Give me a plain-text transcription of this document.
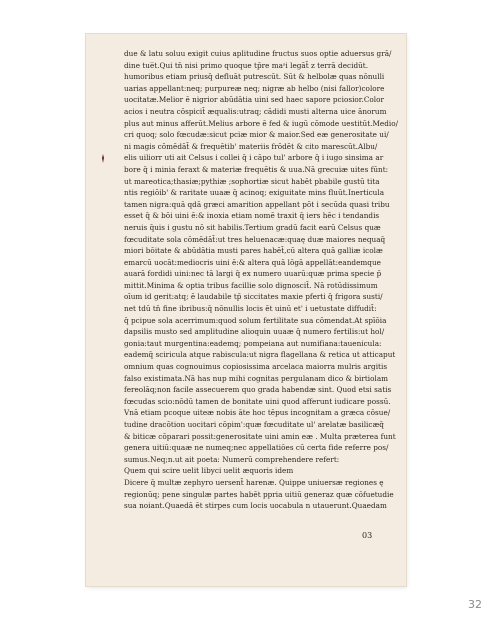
due & latu soluu exigit cuius aplitudine fructus suos optie aduersus grā/
dine tue̅t.Qui tn̄ nisi primo quoque tp̄re maˢi legāt̄ z terrā decidūt.
humoribus etiam priusq̄ defluāt putrescūt. Sūt & helbolæ quas nōnulli
uarias appellant:neq; purpureæ neq; nigræ ab helbo (nisi fallor)colore
uocitatæ.Melior ē nigrior abūdātia uini sed haec sapore pciosior.Color
acios i neutra cōspicit̄ æqualis:utraq; cādidi musti alterna uice ānorum
plus aut minus afferūt.Melius arbore ē fed & iugū cōmode uestitūt.Medio/
cri quoq; solo fœcudæ:sicut pciæ mior & maior.Sed eæ generositate ui/
ni magis cōmēdāt̄ & frequētib' materiis frōdēt & cito marescūt.Albu/
elis uiliorr uti ait Celsus i collei q̄ i cāpo tul' arbore q̄ i iugo sinsima ar
bore q̄ i minia feraxt & materiæ frequētis & uua.Nā grecuiæ uites fūnt:
ut mareotica;thasiæ;pythiæ ;sophortiæ sicut habēt pbabile gustū tita
ntis regiōib' & raritate uuaæ q̄ acinoq; exiguitate mins fluūt.Inerticula
tamen nigra:quā qdā græci amarition appellant pōt i secūda quasi tribu
esset q̄ & bōi uini ē:& inoxia etiam nomē traxit q̄ iers hēc i tendandis
neruis q̄uis i gustu nō sit habilis.Tertium gradū facit earū Celsus quæ
fœcuditate sola cōmēdāt̄:ut tres heluenacæ:quaę duæ maiores nequaq̄
miori bōitate & abūdātia musti pares habēt̄,cū altera quā galliæ icolæ
emarcū uocāt:mediocris uini ē:& altera quā lōgā appellāt:eandemque
auarā fordidi uini:nec tā largi q̄ ex numero uuarū:quæ prima specie p̄
mittit.Minima & optia tribus facillie solo dignoscit̄. Nā rotūdissimum
oīum id gerit:atq; ē laudabile tp̄ siccitates maxie pferti q̄ frigora susti/
net tdū tn̄ fine ibribus:q̄ nōnullis locis ēt uinū et' i uetustate diffudit̄:
q̄ pcipue sola acerrimum:quod solum fertilitate sua cōmendat.At spīōia
dapsilis musto sed amplitudine alioquin uuaæ q̄ numero fertilis:ut hol/
gonia:taut murgentina:eademq; pompeiana aut numifiana:tauenicula:
eademq̄ sciricula atque rabiscula:ut nigra flagellana & retica ut atticaput
omnium quas cognouimus copiosissima arcelaca maiorra mulris argitis
falso existimata.Nā has nup mihi cognitas pergulanam dico & birtiolam
fereolāq;non facile assecuerem quo grada habendæ sint. Quod etsi satis
fœcudas scio:nōdū tamen de bonitate uini quod afferunt iudicare possū.
Vnā etiam pcoque uiteæ nobis āte hoc tēpus incognitam a græca cōsue/
tudine dracōtion uocitari cōpim':quæ fœcuditate ul' arelatæ basilicæq̄
& biticæ cōparari possit:generositate uini amin eæ . Multa præterea funt
genera uitiū:quaæ ne numeq;nec appellatiōes cū certa fide referre pos/
sumus.Neq;n.ut ait poeta: Numerū comprehendere refert:
Quem qui scire uelit libyci uelit æquoris idem
Dicere q̄ multæ zephyro uersent̄ harenæ. Quippe uniuersæ regiones ę
regionūq; pene singulæ partes habēt ppria uitiū generaz quæ cōfuetudie
sua noiant.Quaedā ēt stirpes cum locis uocabula n utauerunt.Quaedam
03
32
